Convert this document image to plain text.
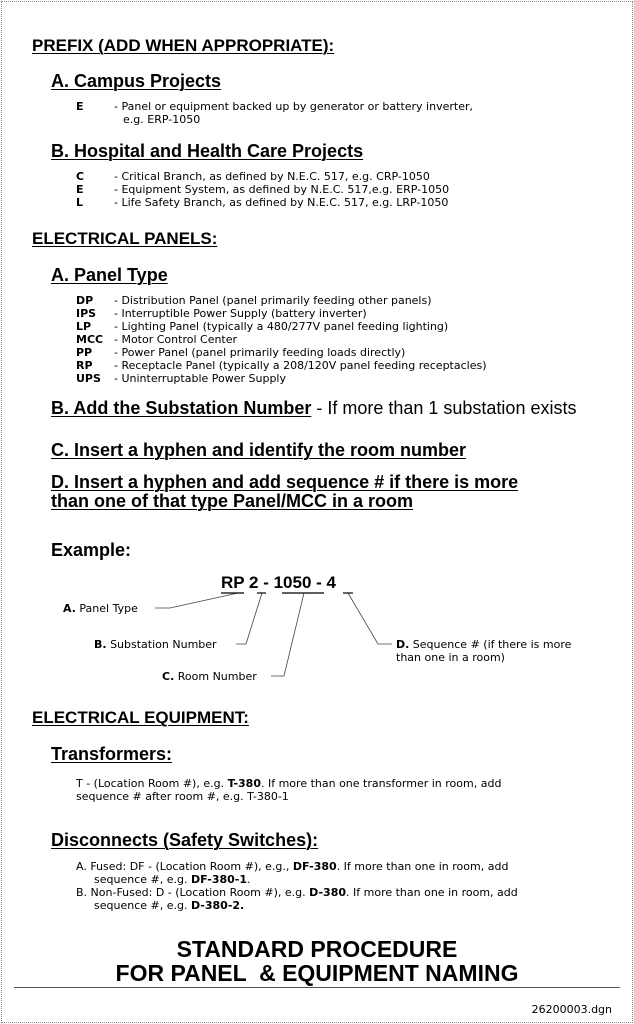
PREFIX (ADD WHEN APPROPRIATE):
A. Campus Projects
E	- Panel or equipment backed up by generator or battery inverter,
e.g. ERP-1050
B. Hospital and Health Care Projects
C	- Critical Branch, as defined by N.E.C. 517, e.g. CRP-1050
E	- Equipment System, as defined by N.E.C. 517,e.g. ERP-1050
L	- Life Safety Branch, as defined by N.E.C. 517, e.g. LRP-1050
ELECTRICAL PANELS:
A. Panel Type
DP - Distribution Panel (panel primarily feeding other panels)
IPS - Interruptible Power Supply (battery inverter)
LP - Lighting Panel (typically a 480/277V panel feeding lighting)
MCC - Motor Control Center
PP - Power Panel (panel primarily feeding loads directly)
RP - Receptacle Panel (typically a 208/120V panel feeding receptacles)
UPS - Uninterruptable Power Supply
B. Add the Substation Number - If more than 1 substation exists
C. Insert a hyphen and identify the room number
D. Insert a hyphen and add sequence # if there is more
than one of that type Panel/MCC in a room
Example:
RP 2 - 1050 - 4
A. Panel Type
B. Substation Number
C. Room Number
D. Sequence # (if there is more
than one in a room)
ELECTRICAL EQUIPMENT:
Transformers:
T - (Location Room #), e.g. T-380. If more than one transformer in room, add
sequence # after room #, e.g. T-380-1
Disconnects (Safety Switches):
A. Fused: DF - (Location Room #), e.g., DF-380. If more than one in room, add
sequence #, e.g. DF-380-1.
B. Non-Fused: D - (Location Room #), e.g. D-380. If more than one in room, add
sequence #, e.g. D-380-2.
STANDARD PROCEDURE
FOR PANEL  & EQUIPMENT NAMING
26200003.dgn
